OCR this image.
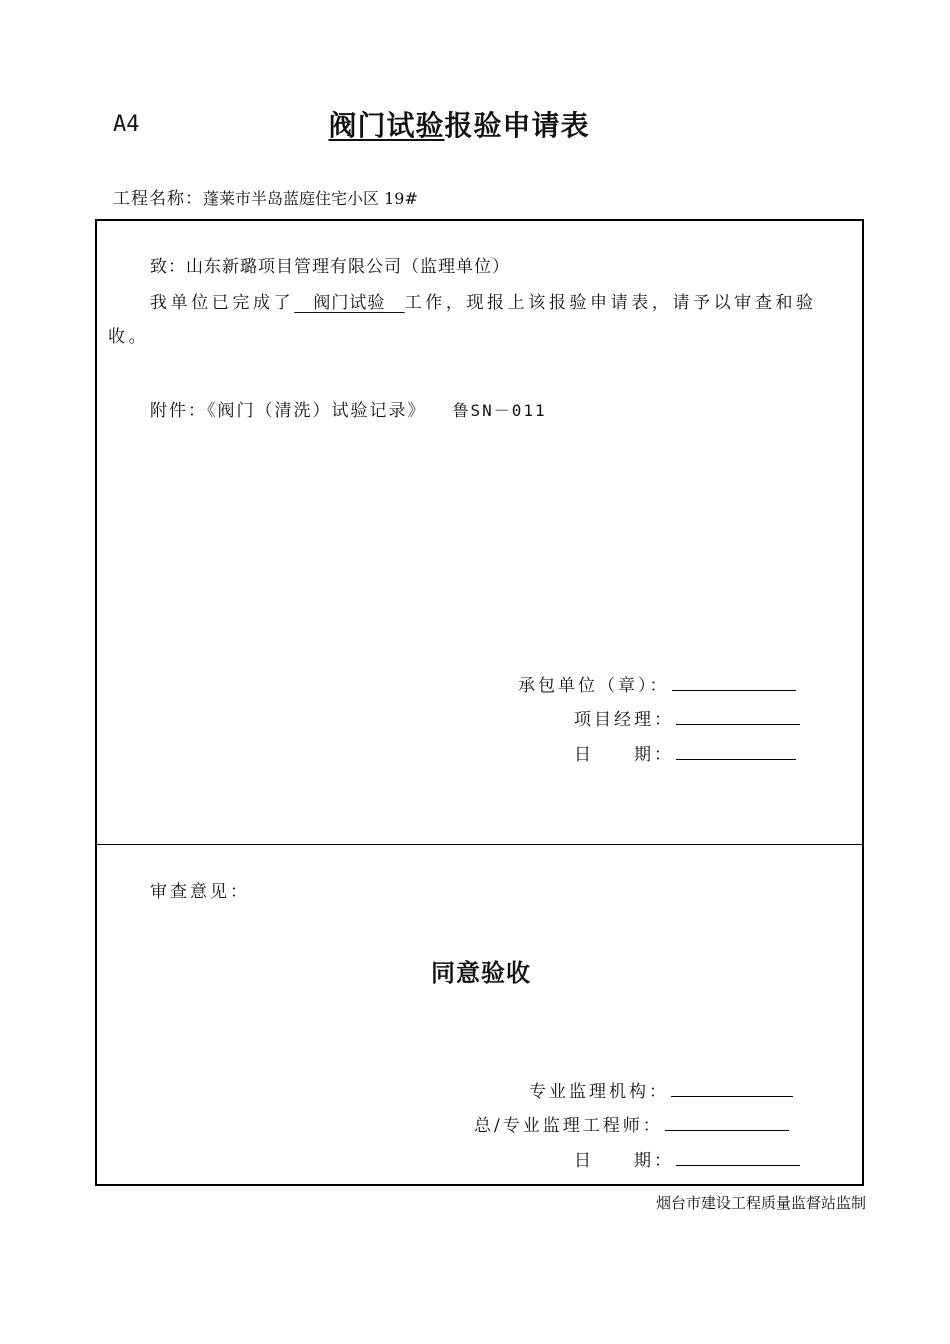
A4	阀门试验报验申请表
工程名称：蓬莱市半岛蓝庭住宅小区 19#
致：山东新璐项目管理有限公司（监理单位）
我单位已完成了   阀门试验   工作，现报上该报验申请表，请予以审查和验收。
附件：《阀门（清洗）试验记录》 鲁SN－011
承包单位（章）：
项目经理：
日　　期：
审查意见：
同意验收
专业监理机构：
总/专业监理工程师：
日　　期：
烟台市建设工程质量监督站监制
